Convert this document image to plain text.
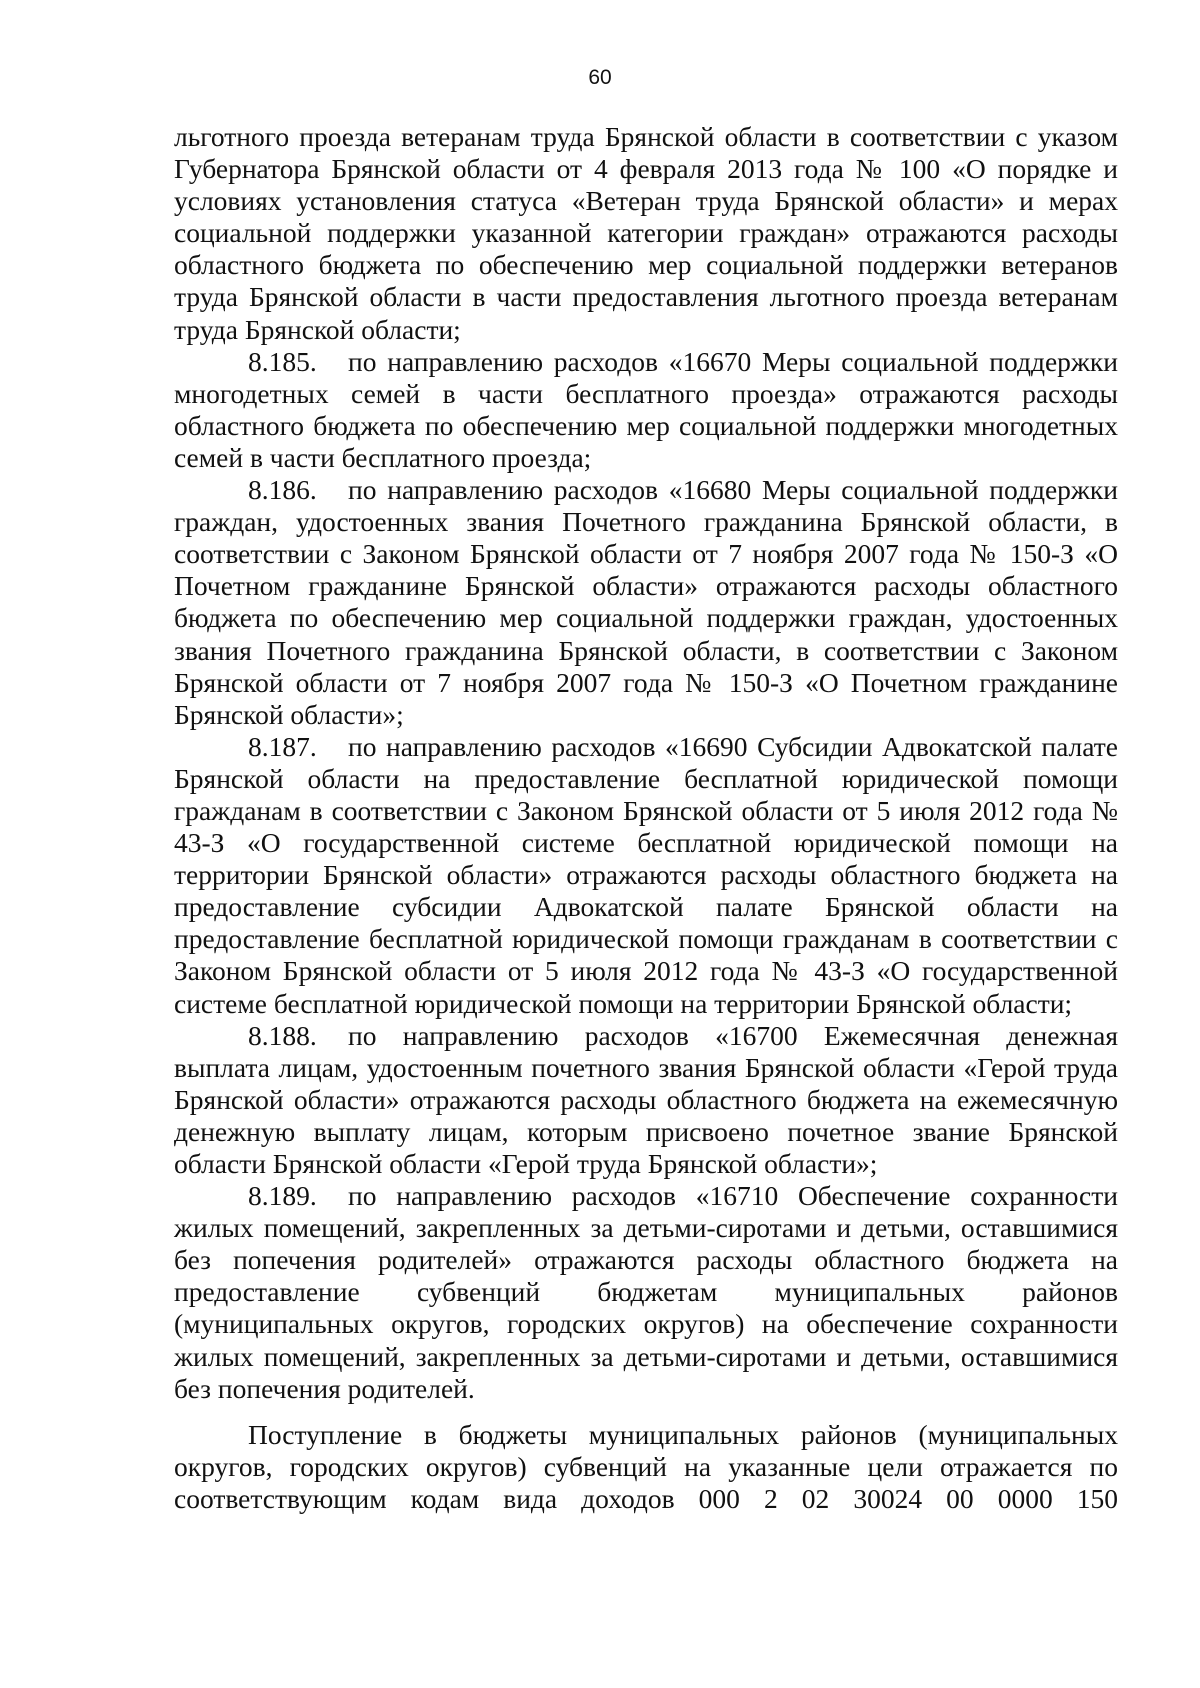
60

льготного проезда ветеранам труда Брянской области в соответствии с указом Губернатора Брянской области от 4 февраля 2013 года № 100 «О порядке и условиях установления статуса «Ветеран труда Брянской области» и мерах социальной поддержки указанной категории граждан» отражаются расходы областного бюджета по обеспечению мер социальной поддержки ветеранов труда Брянской области в части предоставления льготного проезда ветеранам труда Брянской области;

8.185. по направлению расходов «16670 Меры социальной поддержки многодетных семей в части бесплатного проезда» отражаются расходы областного бюджета по обеспечению мер социальной поддержки многодетных семей в части бесплатного проезда;

8.186. по направлению расходов «16680 Меры социальной поддержки граждан, удостоенных звания Почетного гражданина Брянской области, в соответствии с Законом Брянской области от 7 ноября 2007 года № 150-З «О Почетном гражданине Брянской области» отражаются расходы областного бюджета по обеспечению мер социальной поддержки граждан, удостоенных звания Почетного гражданина Брянской области, в соответствии с Законом Брянской области от 7 ноября 2007 года № 150-З «О Почетном гражданине Брянской области»;

8.187. по направлению расходов «16690 Субсидии Адвокатской палате Брянской области на предоставление бесплатной юридической помощи гражданам в соответствии с Законом Брянской области от 5 июля 2012 года № 43-З «О государственной системе бесплатной юридической помощи на территории Брянской области» отражаются расходы областного бюджета на предоставление субсидии Адвокатской палате Брянской области на предоставление бесплатной юридической помощи гражданам в соответствии с Законом Брянской области от 5 июля 2012 года № 43-З «О государственной системе бесплатной юридической помощи на территории Брянской области;

8.188. по направлению расходов «16700 Ежемесячная денежная выплата лицам, удостоенным почетного звания Брянской области «Герой труда Брянской области» отражаются расходы областного бюджета на ежемесячную денежную выплату лицам, которым присвоено почетное звание Брянской области Брянской области «Герой труда Брянской области»;

8.189. по направлению расходов «16710 Обеспечение сохранности жилых помещений, закрепленных за детьми-сиротами и детьми, оставшимися без попечения родителей» отражаются расходы областного бюджета на предоставление субвенций бюджетам муниципальных районов (муниципальных округов, городских округов) на обеспечение сохранности жилых помещений, закрепленных за детьми-сиротами и детьми, оставшимися без попечения родителей.

Поступление в бюджеты муниципальных районов (муниципальных округов, городских округов) субвенций на указанные цели отражается по соответствующим кодам вида доходов 000 2 02 30024 00 0000 150
